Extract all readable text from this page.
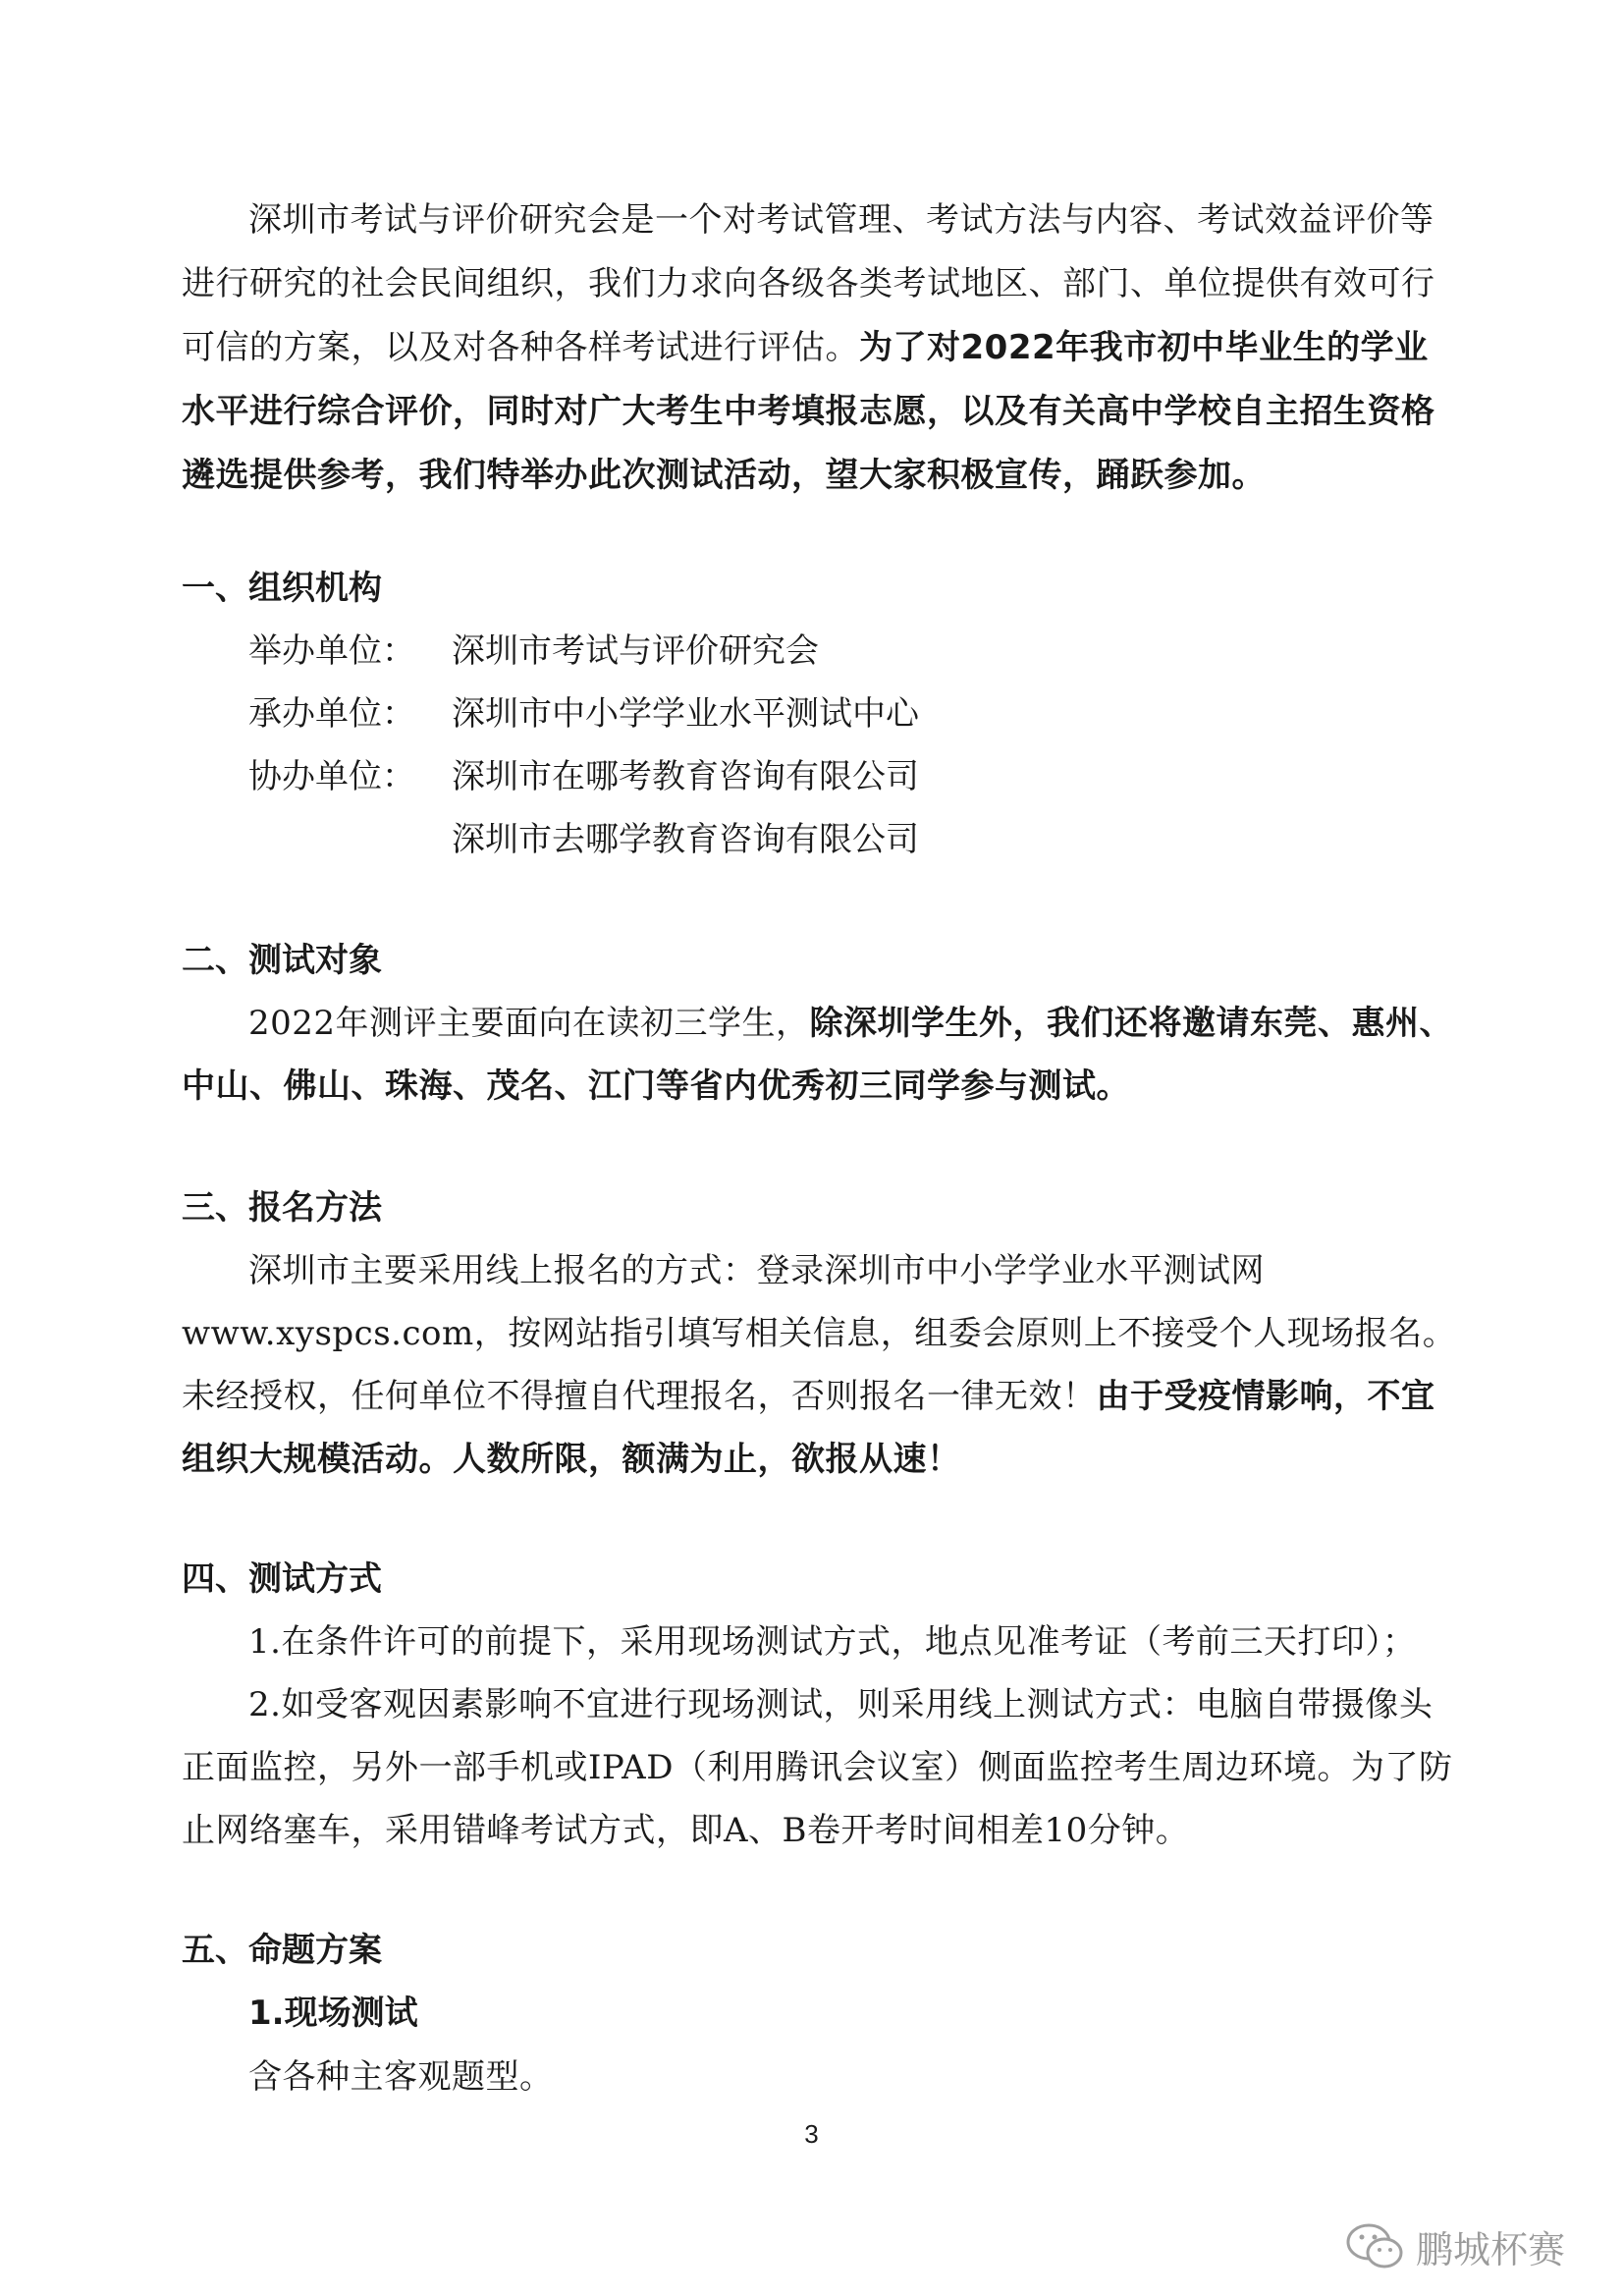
深圳市考试与评价研究会是一个对考试管理、考试方法与内容、考试效益评价等进行研究的社会民间组织，我们力求向各级各类考试地区、部门、单位提供有效可行可信的方案，以及对各种各样考试进行评估。为了对2022年我市初中毕业生的学业水平进行综合评价，同时对广大考生中考填报志愿，以及有关高中学校自主招生资格遴选提供参考，我们特举办此次测试活动，望大家积极宣传，踊跃参加。

一、组织机构
举办单位： 深圳市考试与评价研究会
承办单位： 深圳市中小学学业水平测试中心
协办单位： 深圳市在哪考教育咨询有限公司
深圳市去哪学教育咨询有限公司
二、测试对象

2022年测评主要面向在读初三学生，除深圳学生外，我们还将邀请东莞、惠州、中山、佛山、珠海、茂名、江门等省内优秀初三同学参与测试。

三、报名方法

深圳市主要采用线上报名的方式：登录深圳市中小学学业水平测试网www.xyspcs.com，按网站指引填写相关信息，组委会原则上不接受个人现场报名。未经授权，任何单位不得擅自代理报名，否则报名一律无效！由于受疫情影响，不宜组织大规模活动。人数所限，额满为止，欲报从速！

四、测试方式

1.在条件许可的前提下，采用现场测试方式，地点见准考证（考前三天打印）；

2.如受客观因素影响不宜进行现场测试，则采用线上测试方式：电脑自带摄像头正面监控，另外一部手机或IPAD（利用腾讯会议室）侧面监控考生周边环境。为了防止网络塞车，采用错峰考试方式，即A、B卷开考时间相差10分钟。

五、命题方案
1.现场测试

含各种主客观题型。

3
鹏城杯赛
